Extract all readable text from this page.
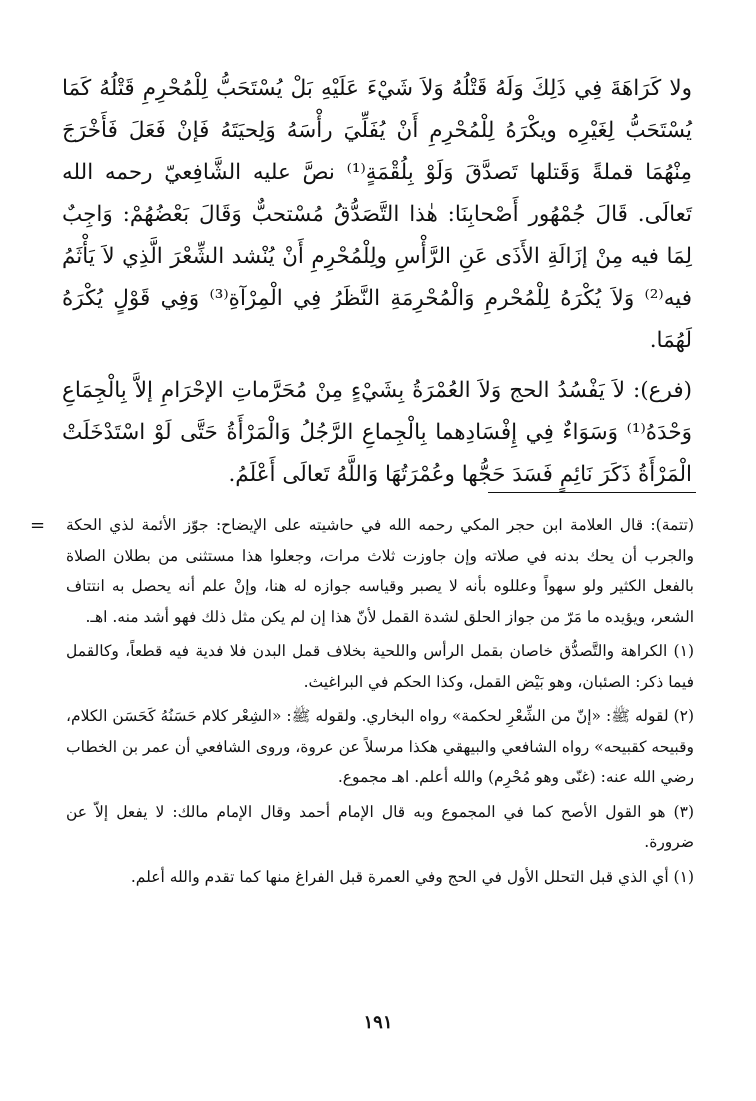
ولا كَرَاهَةَ فِي ذَلِكَ وَلَهُ قَتْلُهُ وَلاَ شَيْءَ عَلَيْهِ بَلْ يُسْتَحَبُّ لِلْمُحْرِمِ قَتْلُهُ كَمَا يُسْتَحَبُّ لِغَيْرِه ويكْرَهُ لِلْمُحْرِمِ أَنْ يُفَلِّيَ رأْسَهُ وَلِحيَتَهُ فَإنْ فَعَلَ فَأَخْرَجَ مِنْهُمَا قملةً وَقَتلها تَصدَّقَ وَلَوْ بِلُقْمَةٍ⁽¹⁾ نصَّ عليه الشَّافِعيّ رحمه الله تَعالَى. قَالَ جُمْهُور أَصْحابِنَا: هٰذا التَّصَدُّقُ مُسْتحبٌّ وَقَالَ بَعْضُهُمْ: وَاجِبٌ لِمَا فيه مِنْ إزَالَةِ الأَذَى عَنِ الرَّأْسِ ولِلْمُحْرِمِ أَنْ يُنْشد الشِّعْرَ الَّذِي لاَ يَأْثَمُ فيه⁽²⁾ وَلاَ يُكْرَهُ لِلْمُحْرمِ وَالْمُحْرِمَةِ النَّظَرُ فِي الْمِرْآةِ⁽³⁾ وَفِي قَوْلٍ يُكْرَهُ لَهُمَا.

(فرع): لاَ يَفْسُدُ الحج وَلاَ العُمْرَةُ بِشَيْءٍ مِنْ مُحَرَّماتِ الإحْرَامِ إلاَّ بِالْجِمَاعِ وَحْدَهُ⁽¹⁾ وَسَوَاءٌ فِي إِفْسَادِهما بِالْجِماعِ الرَّجُلُ وَالْمَرْأَةُ حَتَّى لَوْ اسْتَدْخَلَتْ الْمَرْأَةُ ذَكَرَ نَائِمٍ فَسَدَ حَجُّها وعُمْرَتُهَا وَاللَّهُ تَعالَى أَعْلَمُ.

= (تتمة): قال العلامة ابن حجر المكي رحمه الله في حاشيته على الإيضاح: جوّز الأئمة لذي الحكة والجرب أن يحك بدنه في صلاته وإن جاوزت ثلاث مرات، وجعلوا هذا مستثنى من بطلان الصلاة بالفعل الكثير ولو سهواً وعللوه بأنه لا يصبر وقياسه جوازه له هنا، وإنْ علم أنه يحصل به انتتاف الشعر، ويؤيده ما مَرّ من جواز الحلق لشدة القمل لأنّ هذا إن لم يكن مثل ذلك فهو أشد منه. اهـ.

(١) الكراهة والتَّصدُّق خاصان بقمل الرأس واللحية بخلاف قمل البدن فلا فدية فيه قطعاً، وكالقمل فيما ذكر: الصئبان، وهو بَيْض القمل، وكذا الحكم في البراغيث.

(٢) لقوله ﷺ: «إنّ من الشِّعْرِ لحكمة» رواه البخاري. ولقوله ﷺ: «الشِعْر كلام حَسَنُهُ كَحَسَن الكلام، وقبيحه كقبيحه» رواه الشافعي والبيهقي هكذا مرسلاً عن عروة، وروى الشافعي أن عمر بن الخطاب رضي الله عنه: (غنّى وهو مُحْرِم) والله أعلم. اهـ مجموع.

(٣) هو القول الأصح كما في المجموع وبه قال الإمام أحمد وقال الإمام مالك: لا يفعل إلاّ عن ضرورة.

(١) أي الذي قبل التحلل الأول في الحج وفي العمرة قبل الفراغ منها كما تقدم والله أعلم.

١٩١
